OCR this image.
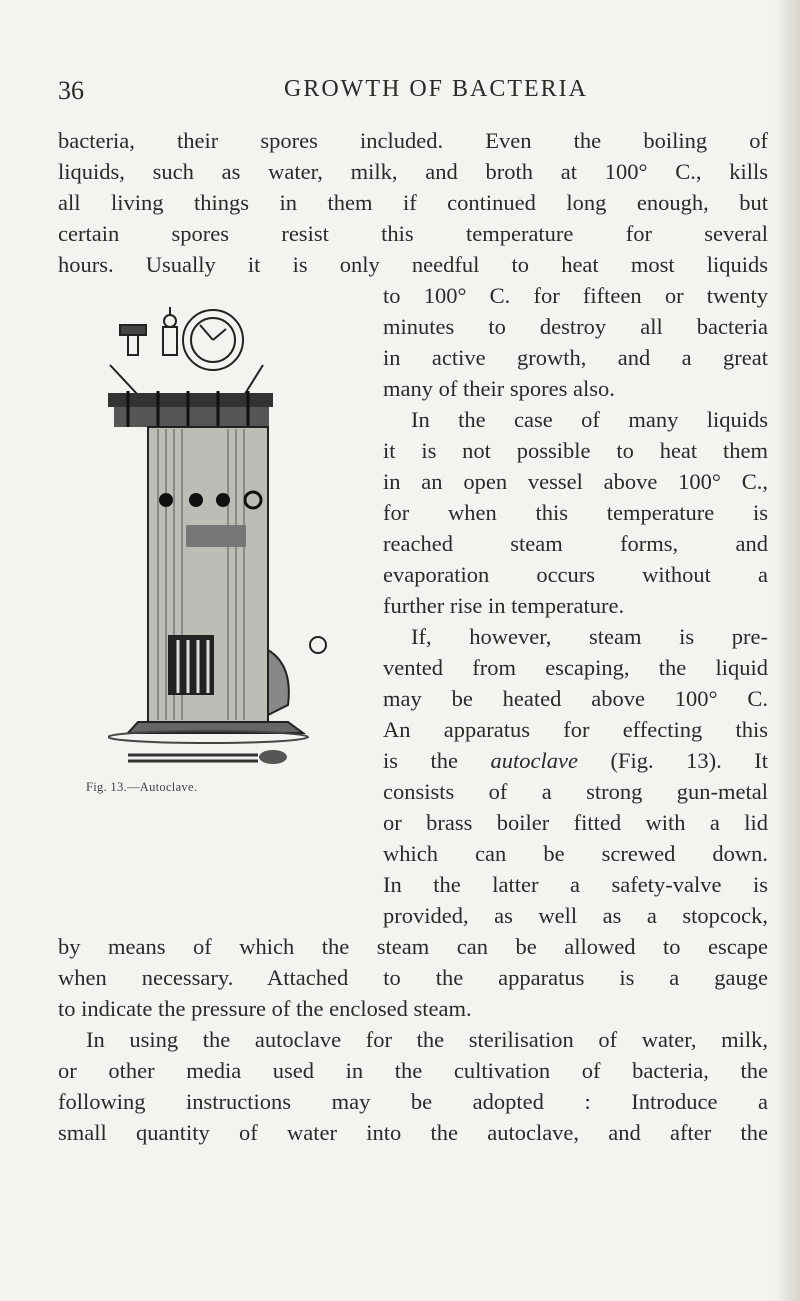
36	GROWTH OF BACTERIA
bacteria, their spores included. Even the boiling of
liquids, such as water, milk, and broth at 100° C., kills
all living things in them if continued long enough, but
certain spores resist this temperature for several
hours. Usually it is only needful to heat most liquids
to 100° C. for fifteen or twenty
minutes to destroy all bacteria
in active growth, and a great
many of their spores also.
In the case of many liquids
it is not possible to heat them
in an open vessel above 100° C.,
for when this temperature is
reached steam forms, and
evaporation occurs without a
further rise in temperature.
If, however, steam is pre-
vented from escaping, the liquid
may be heated above 100° C.
An apparatus for effecting this
is the autoclave (Fig. 13). It
consists of a strong gun-metal
or brass boiler fitted with a lid
which can be screwed down.
In the latter a safety-valve is
provided, as well as a stopcock,
by means of which the steam can be allowed to escape
when necessary. Attached to the apparatus is a gauge
to indicate the pressure of the enclosed steam.
In using the autoclave for the sterilisation of water, milk,
or other media used in the cultivation of bacteria, the
following instructions may be adopted : Introduce a
small quantity of water into the autoclave, and after the
Fig. 13.—Autoclave.
